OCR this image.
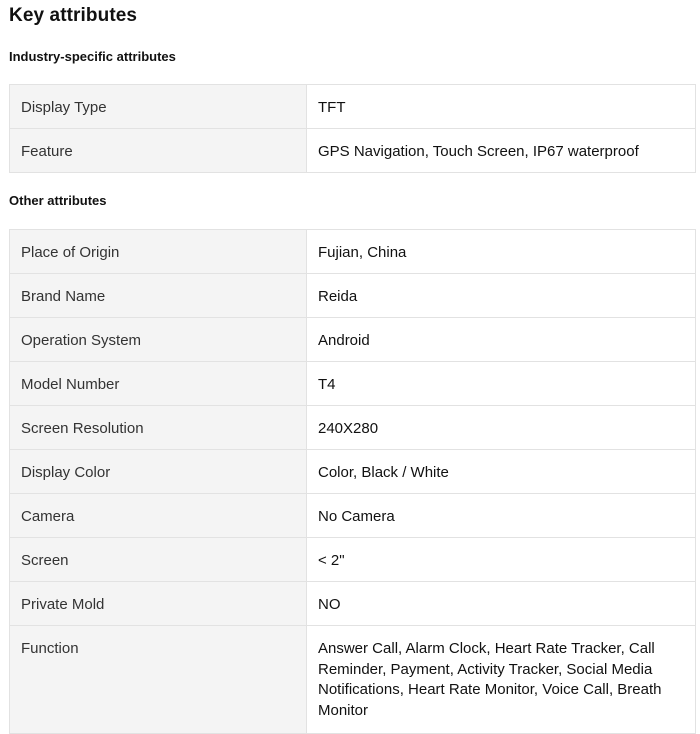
Key attributes
Industry-specific attributes
Display Type	TFT
Feature	GPS Navigation, Touch Screen, IP67 waterproof
Other attributes
Place of Origin	Fujian, China
Brand Name	Reida
Operation System	Android
Model Number	T4
Screen Resolution	240X280
Display Color	Color, Black / White
Camera	No Camera
Screen	< 2"
Private Mold	NO
Function	Answer Call, Alarm Clock, Heart Rate Tracker, Call Reminder, Payment, Activity Tracker, Social Media Notifications, Heart Rate Monitor, Voice Call, Breath Monitor
